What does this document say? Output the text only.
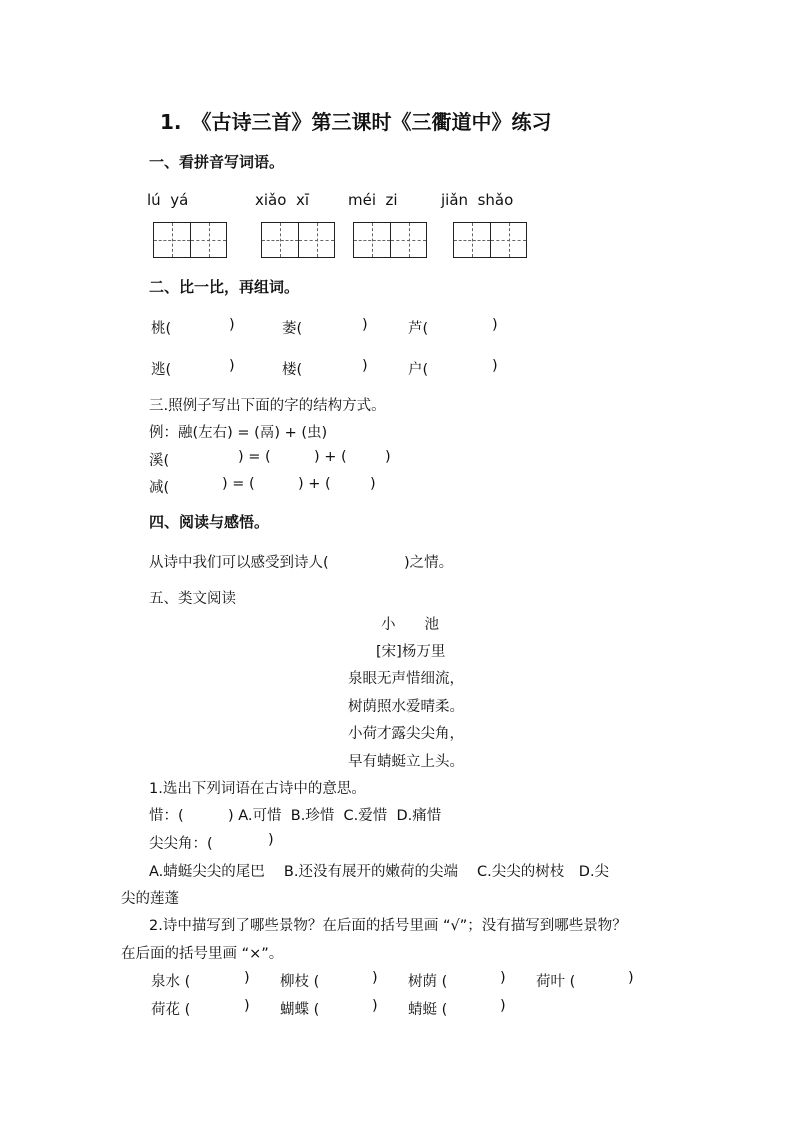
1.　《古诗三首》第三课时《三衢道中》练习
一、看拼音写词语。
lú  yá	xiǎo  xī	méi  zi	jiǎn  shǎo
二、比一比，再组词。
桃(	)	萎(	)	芦(	)
逃(	)	楼(	)	户(	)
三.照例子写出下面的字的结构方式。
例：融(左右) = (鬲) + (虫)
溪(	) = (	) + (	)
减(	) = (	) + (	)
四、阅读与感悟。
从诗中我们可以感受到诗人(	)之情。
五、类文阅读
小　　池
[宋]杨万里
泉眼无声惜细流，
树荫照水爱晴柔。
小荷才露尖尖角，
早有蜻蜓立上头。
1.选出下列词语在古诗中的意思。
惜：(	) A.可惜  B.珍惜  C.爱惜  D.痛惜
尖尖角：(	)
A.蜻蜓尖尖的尾巴　 B.还没有展开的嫩荷的尖端　 C.尖尖的树枝　D.尖
尖的莲蓬
2.诗中描写到了哪些景物？在后面的括号里画 “√”；没有描写到哪些景物？
在后面的括号里画 “×”。
泉水 (	) 柳枝 (	) 树荫 (	) 荷叶 (	)
荷花 (	) 蝴蝶 (	) 蜻蜓 (	)
